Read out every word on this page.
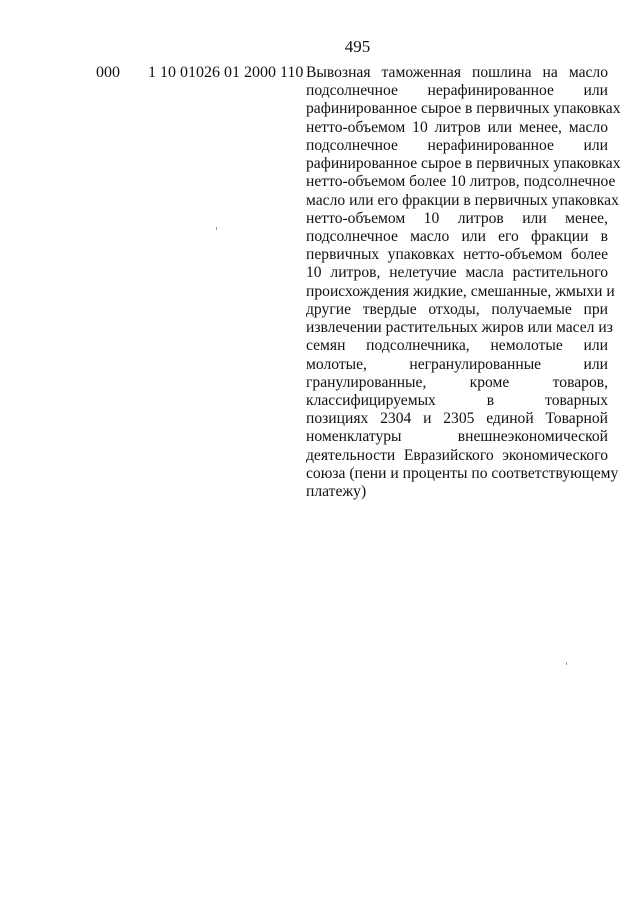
495
000 1 10 01026 01 2000 110 Вывозная таможенная пошлина на масло
подсолнечное нерафинированное или
рафинированное сырое в первичных упаковках
нетто-объемом 10 литров или менее, масло
подсолнечное нерафинированное или
рафинированное сырое в первичных упаковках
нетто-объемом более 10 литров, подсолнечное
масло или его фракции в первичных упаковках
нетто-объемом 10 литров или менее,
подсолнечное масло или его фракции в
первичных упаковках нетто-объемом более
10 литров, нелетучие масла растительного
происхождения жидкие, смешанные, жмыхи и
другие твердые отходы, получаемые при
извлечении растительных жиров или масел из
семян подсолнечника, немолотые или
молотые, негранулированные или
гранулированные, кроме товаров,
классифицируемых в товарных
позициях 2304 и 2305 единой Товарной
номенклатуры внешнеэкономической
деятельности Евразийского экономического
союза (пени и проценты по соответствующему
платежу)
